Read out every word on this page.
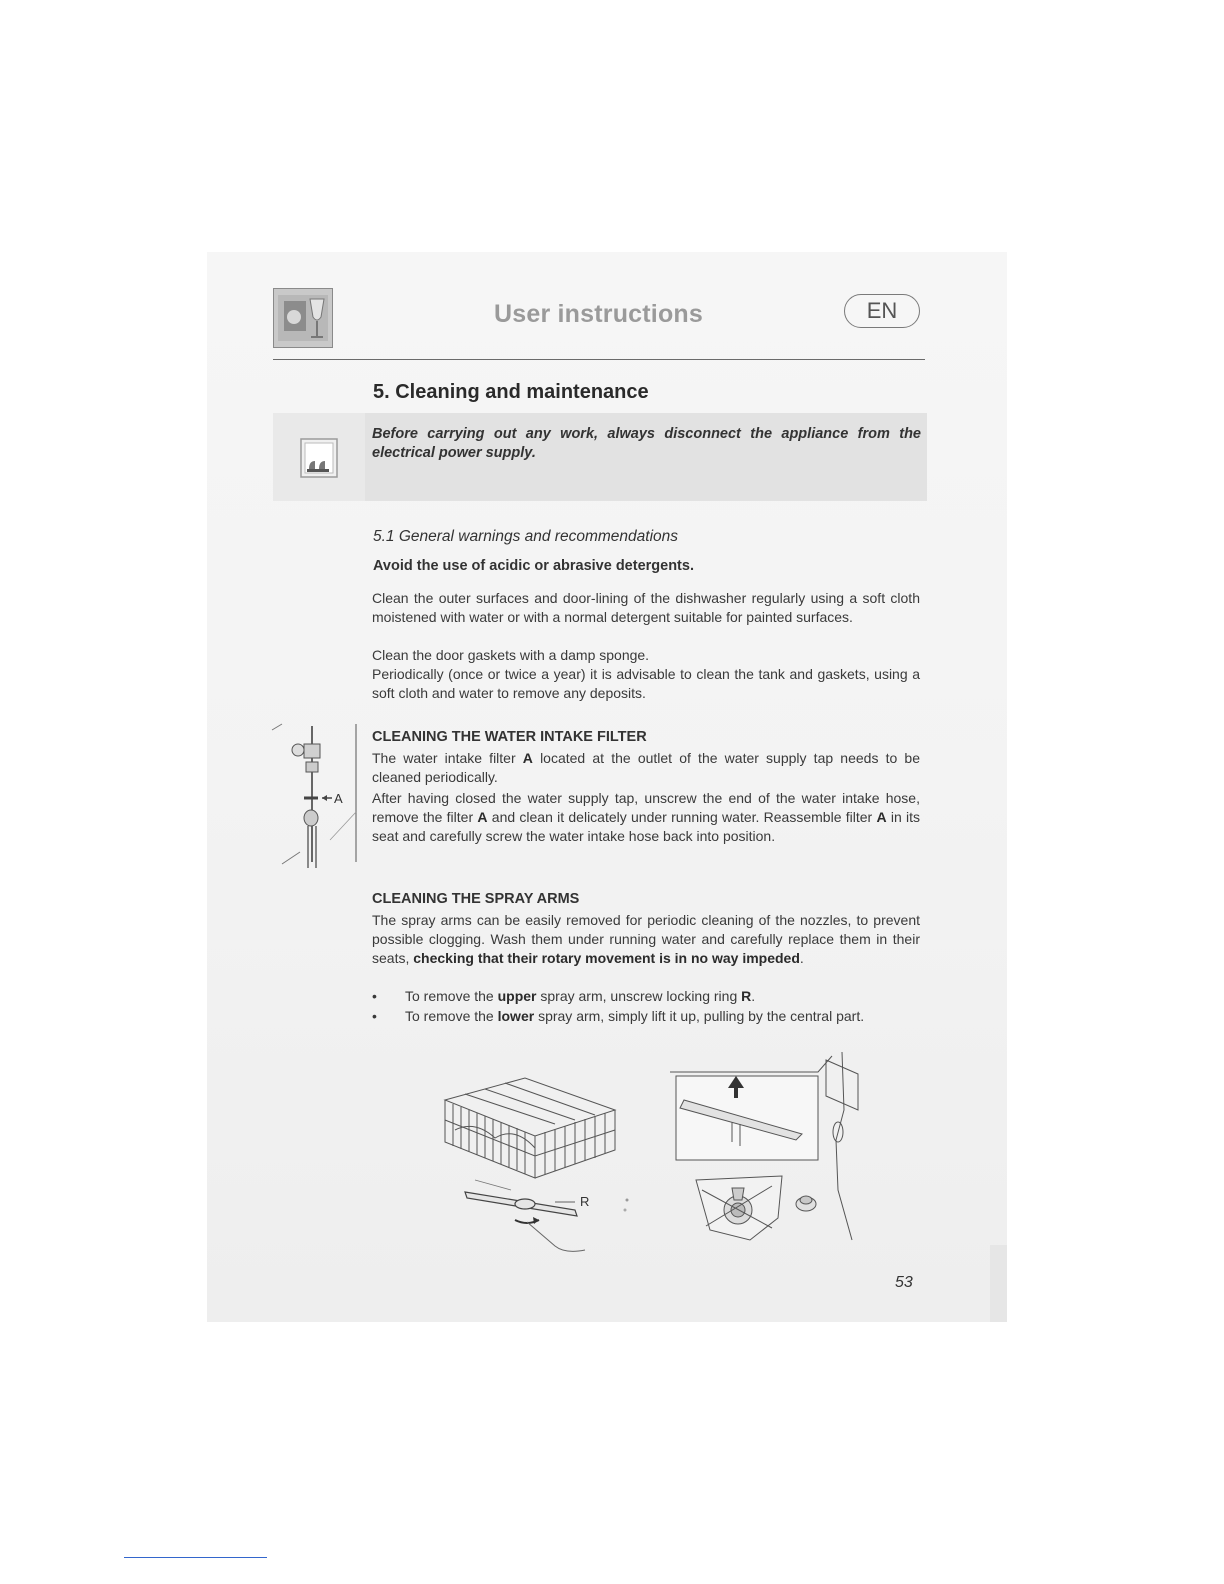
User instructions	EN
5. Cleaning and maintenance
Before carrying out any work, always disconnect the appliance from the electrical power supply.
5.1 General warnings and recommendations
Avoid the use of acidic or abrasive detergents.
Clean the outer surfaces and door-lining of the dishwasher regularly using a soft cloth moistened with water or with a normal detergent suitable for painted surfaces.
Clean the door gaskets with a damp sponge.
Periodically (once or twice a year) it is advisable to clean the tank and gaskets, using a soft cloth and water to remove any deposits.
A
CLEANING THE WATER INTAKE FILTER
The water intake filter A located at the outlet of the water supply tap needs to be cleaned periodically.
After having closed the water supply tap, unscrew the end of the water intake hose, remove the filter A and clean it delicately under running water. Reassemble filter A in its seat and carefully screw the water intake hose back into position.
CLEANING THE SPRAY ARMS
The spray arms can be easily removed for periodic cleaning of the nozzles, to prevent possible clogging. Wash them under running water and carefully replace them in their seats, checking that their rotary movement is in no way impeded.
• To remove the upper spray arm, unscrew locking ring R.
• To remove the lower spray arm, simply lift it up, pulling by the central part.
R
53
